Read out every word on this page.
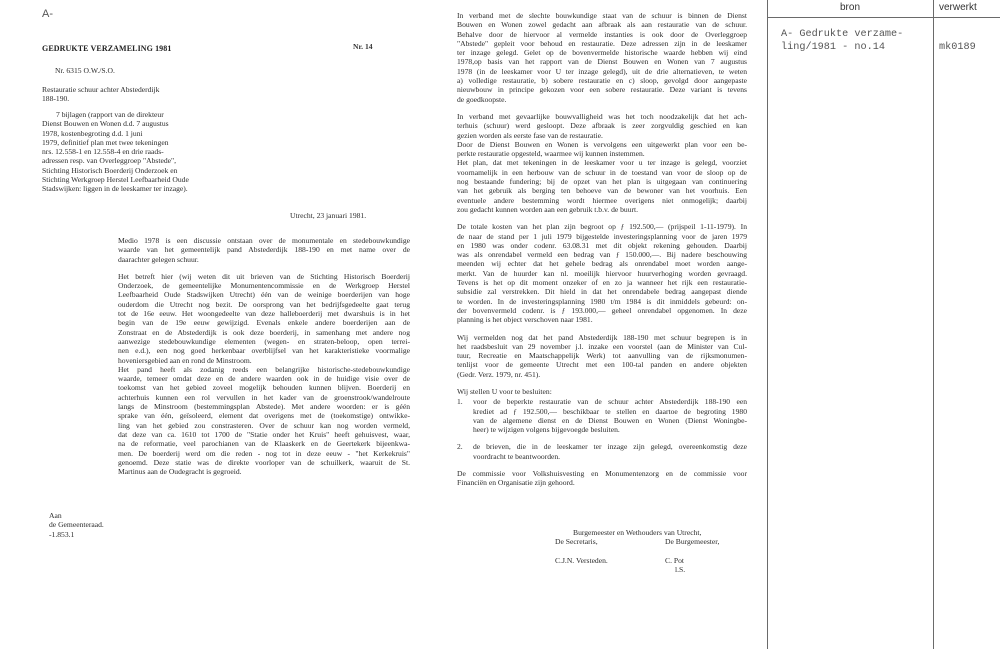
A-
GEDRUKTE VERZAMELING 1981	Nr. 14
Nr. 6315 O.W./S.O.
Restauratie schuur achter Abstederdijk
188-190.
7 bijlagen (rapport van de direkteur
Dienst Bouwen en Wonen d.d. 7 augustus
1978, kostenbegroting d.d. 1 juni
1979, definitief plan met twee tekeningen
nrs. 12.558-1 en 12.558-4 en drie raads-
adressen resp. van Overleggroep "Abstede",
Stichting Historisch Boerderij Onderzoek en
Stichting Werkgroep Herstel Leefbaarheid Oude
Stadswijken: liggen in de leeskamer ter inzage).
Utrecht, 23 januari 1981.
Medio 1978 is een discussie ontstaan over de monumentale en stedebouwkundige
waarde van het gemeentelijk pand Abstederdijk 188-190 en met name over de
daarachter gelegen schuur.
Het betreft hier (wij weten dit uit brieven van de Stichting Historisch Boerderij
Onderzoek, de gemeentelijke Monumentencommissie en de Werkgroep Herstel
Leefbaarheid Oude Stadswijken Utrecht) één van de weinige boerderijen van hoge
ouderdom die Utrecht nog bezit. De oorsprong van het bedrijfsgedeelte gaat terug
tot de 16e eeuw. Het woongedeelte van deze halleboerderij met dwarshuis is in het
begin van de 19e eeuw gewijzigd. Evenals enkele andere boerderijen aan de
Zonstraat en de Abstederdijk is ook deze boerderij, in samenhang met andere nog
aanwezige stedebouwkundige elementen (wegen- en straten-beloop, open terrei-
nen e.d.), een nog goed herkenbaar overblijfsel van het karakteristieke voormalige
hoveniersgebied aan en rond de Minstroom.
Het pand heeft als zodanig reeds een belangrijke historische-stedebouwkundige
waarde, temeer omdat deze en de andere waarden ook in de huidige visie over de
toekomst van het gebied zoveel mogelijk behouden kunnen blijven. Boerderij en
achterhuis kunnen een rol vervullen in het kader van de groenstrook/wandelroute
langs de Minstroom (bestemmingsplan Abstede). Met andere woorden: er is géén
sprake van één, geïsoleerd, element dat overigens met de (toekomstige) ontwikke-
ling van het gebied zou constrasteren. Over de schuur kan nog worden vermeld,
dat deze van ca. 1610 tot 1700 de "Statie onder het Kruis" heeft gehuisvest, waar,
na de reformatie, veel parochianen van de Klaaskerk en de Geertekerk bijeenkwa-
men. De boerderij werd om die reden - nog tot in deze eeuw - "het Kerkekruis"
genoemd. Deze statie was de direkte voorloper van de schuilkerk, waaruit de St.
Martinus aan de Oudegracht is gegroeid.
Aan
de Gemeenteraad.
-1.853.1
In verband met de slechte bouwkundige staat van de schuur is binnen de Dienst
Bouwen en Wonen zowel gedacht aan afbraak als aan restauratie van de schuur.
Behalve door de hiervoor al vermelde instanties is ook door de Overleggroep
"Abstede" gepleit voor behoud en restauratie. Deze adressen zijn in de leeskamer
ter inzage gelegd. Gelet op de bovenvermelde historische waarde hebben wij eind
1978,op basis van het rapport van de Dienst Bouwen en Wonen van 7 augustus
1978 (in de leeskamer voor U ter inzage gelegd), uit de drie alternatieven, te weten
a) volledige restauratie, b) sobere restauratie en c) sloop, gevolgd door aangepaste
nieuwbouw in principe gekozen voor een sobere restauratie. Deze variant is tevens
de goedkoopste.
In verband met gevaarlijke bouwvalligheid was het toch noodzakelijk dat het ach-
terhuis (schuur) werd gesloopt. Deze afbraak is zeer zorgvuldig geschied en kan
gezien worden als eerste fase van de restauratie.
Door de Dienst Bouwen en Wonen is vervolgens een uitgewerkt plan voor een be-
perkte restauratie opgesteld, waarmee wij kunnen instemmen.
Het plan, dat met tekeningen in de leeskamer voor u ter inzage is gelegd, voorziet
voornamelijk in een herbouw van de schuur in de toestand van voor de sloop op de
nog bestaande fundering; bij de opzet van het plan is uitgegaan van continuering
van het gebruik als berging ten behoeve van de bewoner van het voorhuis. Een
eventuele andere bestemming wordt hiermee overigens niet onmogelijk; daarbij
zou gedacht kunnen worden aan een gebruik t.b.v. de buurt.
De totale kosten van het plan zijn begroot op ƒ 192.500,— (prijspeil 1-11-1979). In
de naar de stand per 1 juli 1979 bijgestelde investeringsplanning voor de jaren 1979
en 1980 was onder codenr. 63.08.31 met dit objekt rekening gehouden. Daarbij
was als onrendabel vermeld een bedrag van ƒ 150.000,—. Bij nadere beschouwing
meenden wij echter dat het gehele bedrag als onrendabel moet worden aange-
merkt. Van de huurder kan nl. moeilijk hiervoor huurverhoging worden gevraagd.
Tevens is het op dit moment onzeker of en zo ja wanneer het rijk een restauratie-
subsidie zal verstrekken. Dit hield in dat het onrendabele bedrag aangepast diende
te worden. In de investeringsplanning 1980 t/m 1984 is dit inmiddels gebeurd: on-
der bovenvermeld codenr. is ƒ 193.000,— geheel onrendabel opgenomen. In deze
planning is het object verschoven naar 1981.
Wij vermelden nog dat het pand Abstederdijk 188-190 met schuur begrepen is in
het raadsbesluit van 29 november j.l. inzake een voorstel (aan de Minister van Cul-
tuur, Recreatie en Maatschappelijk Werk) tot aanvulling van de rijksmonumen-
tenlijst voor de gemeente Utrecht met een 100-tal panden en andere objekten
(Gedr. Verz. 1979, nr. 451).
Wij stellen U voor te besluiten:
1. voor de beperkte restauratie van de schuur achter Abstederdijk 188-190 een
krediet ad ƒ 192.500,— beschikbaar te stellen en daartoe de begroting 1980
van de algemene dienst en de Dienst Bouwen en Wonen (Dienst Woningbe-
heer) te wijzigen volgens bijgevoegde besluiten.
2. de brieven, die in de leeskamer ter inzage zijn gelegd, overeenkomstig deze
voordracht te beantwoorden.
De commissie voor Volkshuisvesting en Monumentenzorg en de commissie voor
Financiën en Organisatie zijn gehoord.
Burgemeester en Wethouders van Utrecht,
De Secretaris,	De Burgemeester,
C.J.N. Versteden.	C. Pot
l.S.
bron	verwerkt
A- Gedrukte verzame-
ling/1981 - no.14	mk0189
